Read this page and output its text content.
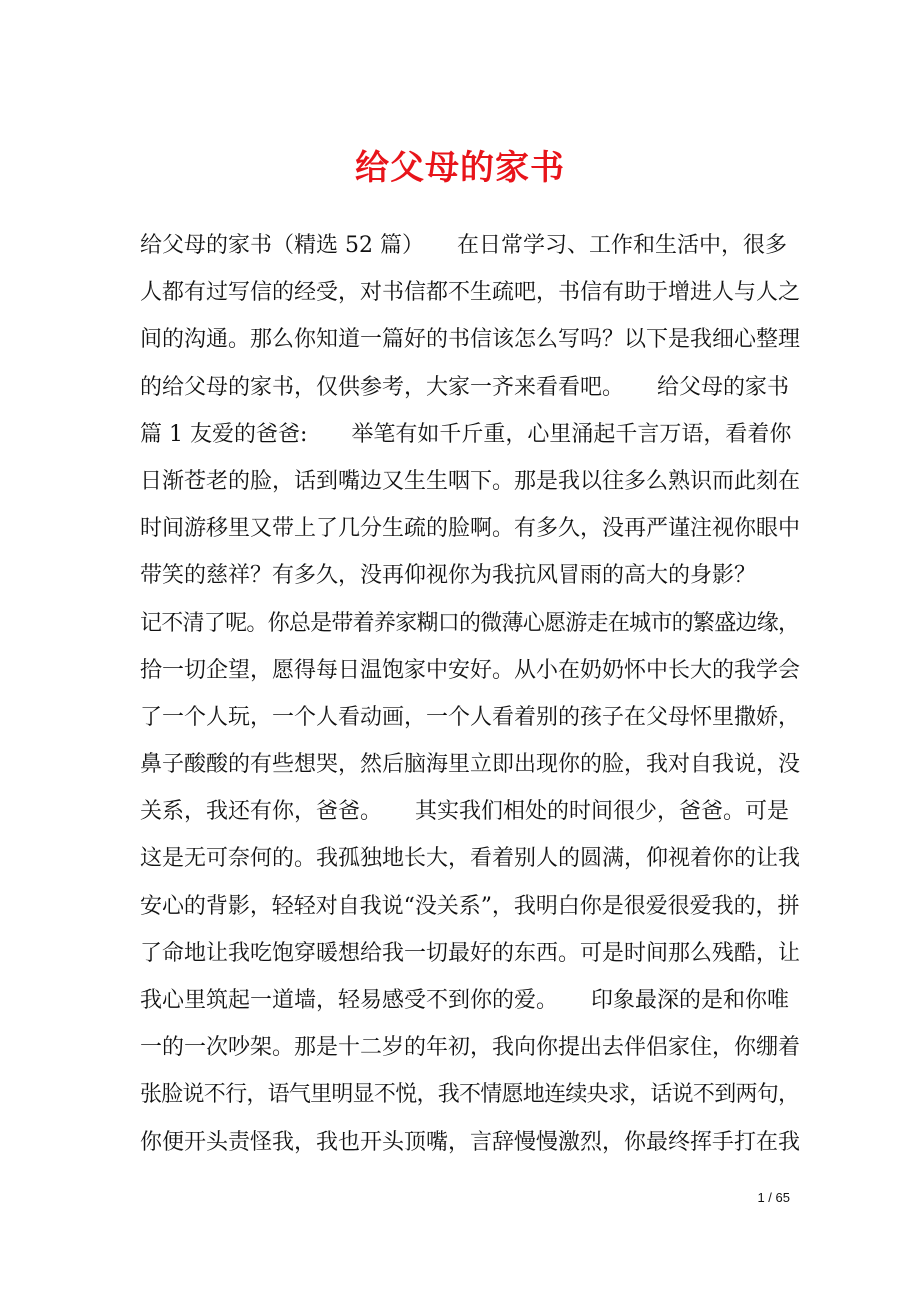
给父母的家书
给父母的家书（精选 52 篇）　　在日常学习、工作和生活中，很多
人都有过写信的经受，对书信都不生疏吧，书信有助于增进人与人之
间的沟通。那么你知道一篇好的书信该怎么写吗？以下是我细心整理
的给父母的家书，仅供参考，大家一齐来看看吧。　　给父母的家书
篇 1 友爱的爸爸:　　举笔有如千斤重，心里涌起千言万语，看着你
日渐苍老的脸，话到嘴边又生生咽下。那是我以往多么熟识而此刻在
时间游移里又带上了几分生疏的脸啊。有多久，没再严谨注视你眼中
带笑的慈祥？有多久，没再仰视你为我抗风冒雨的高大的身影？
记不清了呢。你总是带着养家糊口的微薄心愿游走在城市的繁盛边缘，
拾一切企望，愿得每日温饱家中安好。从小在奶奶怀中长大的我学会
了一个人玩，一个人看动画，一个人看着别的孩子在父母怀里撒娇，
鼻子酸酸的有些想哭，然后脑海里立即出现你的脸，我对自我说，没
关系，我还有你，爸爸。　　其实我们相处的时间很少，爸爸。可是
这是无可奈何的。我孤独地长大，看着别人的圆满，仰视着你的让我
安心的背影，轻轻对自我说“没关系”，我明白你是很爱很爱我的，拼
了命地让我吃饱穿暖想给我一切最好的东西。可是时间那么残酷，让
我心里筑起一道墙，轻易感受不到你的爱。　　印象最深的是和你唯
一的一次吵架。那是十二岁的年初，我向你提出去伴侣家住，你绷着
张脸说不行，语气里明显不悦，我不情愿地连续央求，话说不到两句，
你便开头责怪我，我也开头顶嘴，言辞慢慢激烈，你最终挥手打在我
1 / 65
